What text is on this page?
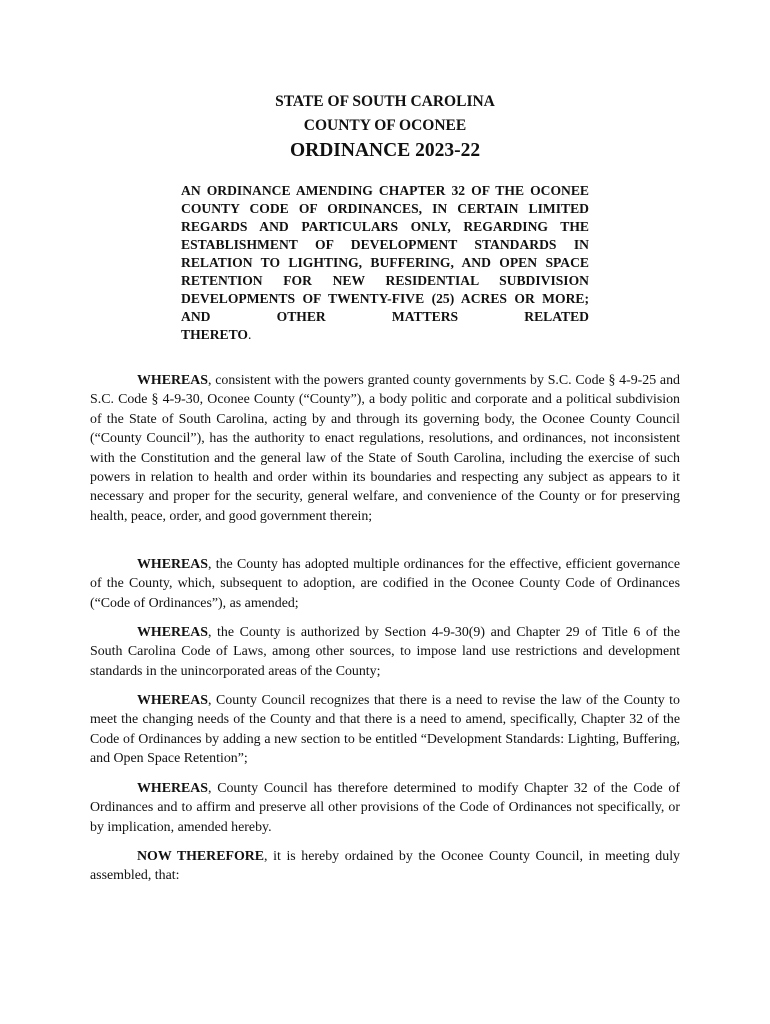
STATE OF SOUTH CAROLINA
COUNTY OF OCONEE
ORDINANCE 2023-22
AN ORDINANCE AMENDING CHAPTER 32 OF THE OCONEE COUNTY CODE OF ORDINANCES, IN CERTAIN LIMITED REGARDS AND PARTICULARS ONLY, REGARDING THE ESTABLISHMENT OF DEVELOPMENT STANDARDS IN RELATION TO LIGHTING, BUFFERING, AND OPEN SPACE RETENTION FOR NEW RESIDENTIAL SUBDIVISION DEVELOPMENTS OF TWENTY-FIVE (25) ACRES OR MORE; AND OTHER MATTERS RELATED
THERETO.

WHEREAS, consistent with the powers granted county governments by S.C. Code § 4-9-25 and S.C. Code § 4-9-30, Oconee County (“County”), a body politic and corporate and a political subdivision of the State of South Carolina, acting by and through its governing body, the Oconee County Council (“County Council”), has the authority to enact regulations, resolutions, and ordinances, not inconsistent with the Constitution and the general law of the State of South Carolina, including the exercise of such powers in relation to health and order within its boundaries and respecting any subject as appears to it necessary and proper for the security, general welfare, and convenience of the County or for preserving health, peace, order, and good government therein;

WHEREAS, the County has adopted multiple ordinances for the effective, efficient governance of the County, which, subsequent to adoption, are codified in the Oconee County Code of Ordinances (“Code of Ordinances”), as amended;

WHEREAS, the County is authorized by Section 4-9-30(9) and Chapter 29 of Title 6 of the South Carolina Code of Laws, among other sources, to impose land use restrictions and development standards in the unincorporated areas of the County;

WHEREAS, County Council recognizes that there is a need to revise the law of the County to meet the changing needs of the County and that there is a need to amend, specifically, Chapter 32 of the Code of Ordinances by adding a new section to be entitled “Development Standards: Lighting, Buffering, and Open Space Retention”;

WHEREAS, County Council has therefore determined to modify Chapter 32 of the Code of Ordinances and to affirm and preserve all other provisions of the Code of Ordinances not specifically, or by implication, amended hereby.

NOW THEREFORE, it is hereby ordained by the Oconee County Council, in meeting duly assembled, that:
